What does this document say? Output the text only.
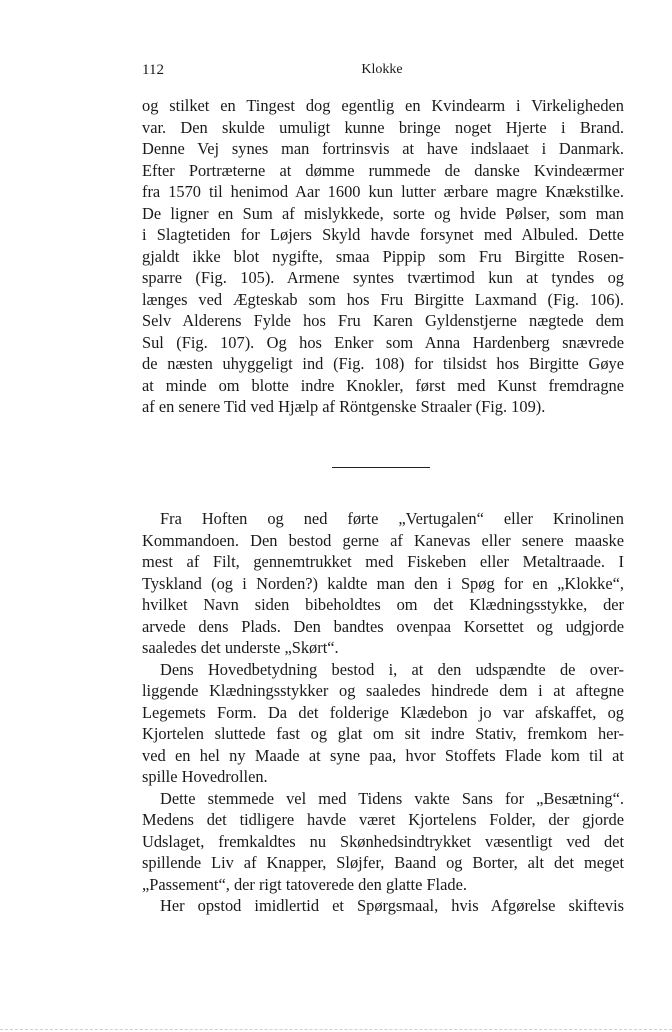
112	Klokke
og stilket en Tingest dog egentlig en Kvindearm i Virkeligheden
var. Den skulde umuligt kunne bringe noget Hjerte i Brand.
Denne Vej synes man fortrinsvis at have indslaaet i Danmark.
Efter Portræterne at dømme rummede de danske Kvindeærmer
fra 1570 til henimod Aar 1600 kun lutter ærbare magre Knækstilke.
De ligner en Sum af mislykkede, sorte og hvide Pølser, som man
i Slagtetiden for Løjers Skyld havde forsynet med Albuled. Dette
gjaldt ikke blot nygifte, smaa Pippip som Fru Birgitte Rosen-
sparre (Fig. 105). Armene syntes tværtimod kun at tyndes og
længes ved Ægteskab som hos Fru Birgitte Laxmand (Fig. 106).
Selv Alderens Fylde hos Fru Karen Gyldenstjerne nægtede dem
Sul (Fig. 107). Og hos Enker som Anna Hardenberg snævrede
de næsten uhyggeligt ind (Fig. 108) for tilsidst hos Birgitte Gøye
at minde om blotte indre Knokler, først med Kunst fremdragne
af en senere Tid ved Hjælp af Röntgenske Straaler (Fig. 109).
Fra Hoften og ned førte „Vertugalen“ eller Krinolinen
Kommandoen. Den bestod gerne af Kanevas eller senere maaske
mest af Filt, gennemtrukket med Fiskeben eller Metaltraade. I
Tyskland (og i Norden?) kaldte man den i Spøg for en „Klokke“,
hvilket Navn siden bibeholdtes om det Klædningsstykke, der
arvede dens Plads. Den bandtes ovenpaa Korsettet og udgjorde
saaledes det underste „Skørt“.
Dens Hovedbetydning bestod i, at den udspændte de over-
liggende Klædningsstykker og saaledes hindrede dem i at aftegne
Legemets Form. Da det folderige Klædebon jo var afskaffet, og
Kjortelen sluttede fast og glat om sit indre Stativ, fremkom her-
ved en hel ny Maade at syne paa, hvor Stoffets Flade kom til at
spille Hovedrollen.
Dette stemmede vel med Tidens vakte Sans for „Besætning“.
Medens det tidligere havde været Kjortelens Folder, der gjorde
Udslaget, fremkaldtes nu Skønhedsindtrykket væsentligt ved det
spillende Liv af Knapper, Sløjfer, Baand og Borter, alt det meget
„Passement“, der rigt tatoverede den glatte Flade.
Her opstod imidlertid et Spørgsmaal, hvis Afgørelse skiftevis
